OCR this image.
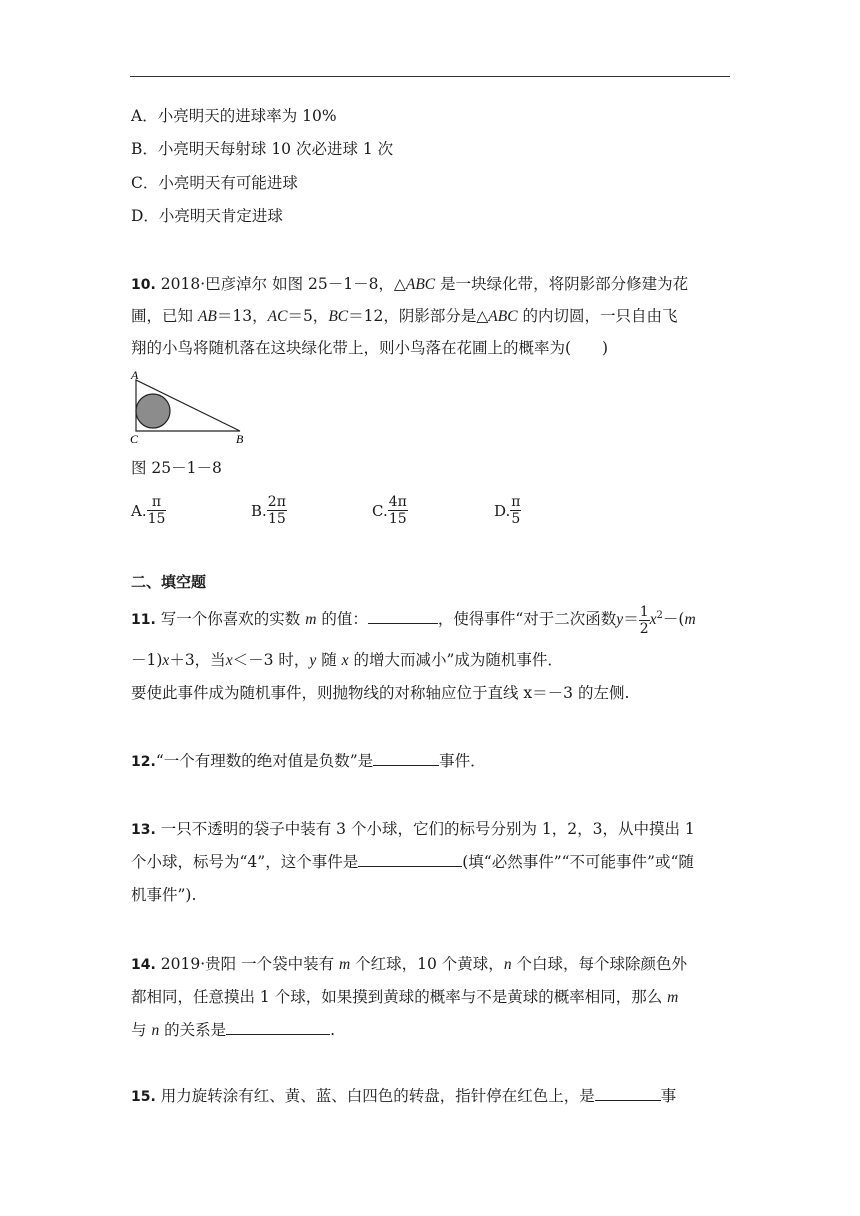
A．小亮明天的进球率为 10%
B．小亮明天每射球 10 次必进球 1 次
C．小亮明天有可能进球
D．小亮明天肯定进球
10. 2018·巴彦淖尔 如图 25－1－8，△ABC 是一块绿化带，将阴影部分修建为花
圃，已知 AB＝13，AC＝5，BC＝12，阴影部分是△ABC 的内切圆，一只自由飞
翔的小鸟将随机落在这块绿化带上，则小鸟落在花圃上的概率为(　　)
A
C	B
图 25－1－8
A. $\frac{\pi}{15}$	B. $\frac{2\pi}{15}$	C. $\frac{4\pi}{15}$	D. $\frac{\pi}{5}$
二、填空题
11. 写一个你喜欢的实数 m 的值：	，使得事件“对于二次函数$y= \frac{1}{2} x^2-(m$
－1)x＋3，当x＜－3 时，y 随 x 的增大而减小”成为随机事件．
要使此事件成为随机事件，则抛物线的对称轴应位于直线 x＝－3 的左侧.
12.“一个有理数的绝对值是负数”是	事件．
13. 一只不透明的袋子中装有 3 个小球，它们的标号分别为 1，2，3，从中摸出 1
个小球，标号为“4”，这个事件是	(填“必然事件”“不可能事件”或“随
机事件”).
14. 2019·贵阳 一个袋中装有 m 个红球，10 个黄球，n 个白球，每个球除颜色外
都相同，任意摸出 1 个球，如果摸到黄球的概率与不是黄球的概率相同，那么 m
与 n 的关系是	.
15. 用力旋转涂有红、黄、蓝、白四色的转盘，指针停在红色上，是	事
